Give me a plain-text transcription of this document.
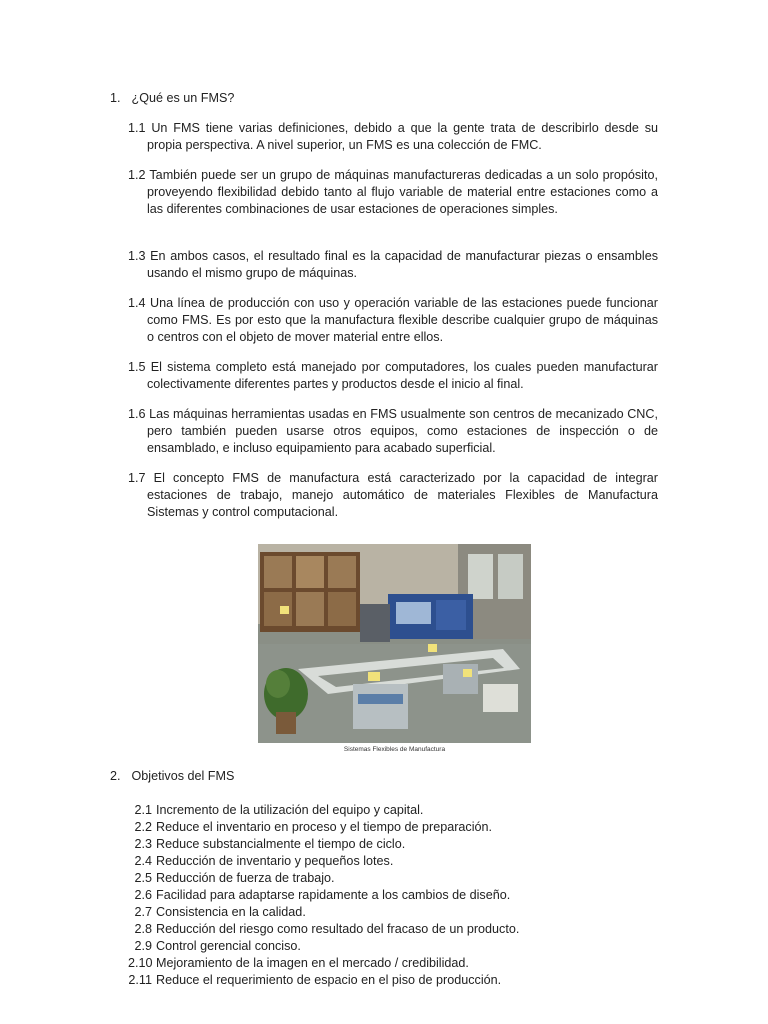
1. ¿Qué es un FMS?

1.1 Un FMS tiene varias definiciones, debido a que la gente trata de describirlo desde su propia perspectiva. A nivel superior, un FMS es una colección de FMC.

1.2 También puede ser un grupo de máquinas manufactureras dedicadas a un solo propósito, proveyendo flexibilidad debido tanto al flujo variable de material entre estaciones como a las diferentes combinaciones de usar estaciones de operaciones simples.

1.3 En ambos casos, el resultado final es la capacidad de manufacturar piezas o ensambles usando el mismo grupo de máquinas.

1.4 Una línea de producción con uso y operación variable de las estaciones puede funcionar como FMS. Es por esto que la manufactura flexible describe cualquier grupo de máquinas o centros con el objeto de mover material entre ellos.

1.5 El sistema completo está manejado por computadores, los cuales pueden manufacturar colectivamente diferentes partes y productos desde el inicio al final.

1.6 Las máquinas herramientas usadas en FMS usualmente son centros de mecanizado CNC, pero también pueden usarse otros equipos, como estaciones de inspección o de ensamblado, e incluso equipamiento para acabado superficial.

1.7 El concepto FMS de manufactura está caracterizado por la capacidad de integrar estaciones de trabajo, manejo automático de materiales Flexibles de Manufactura Sistemas y control computacional.

Sistemas Flexibles de Manufactura
2. Objetivos del FMS
2.1 Incremento de la utilización del equipo y capital.
2.2 Reduce el inventario en proceso y el tiempo de preparación.
2.3 Reduce substancialmente el tiempo de ciclo.
2.4 Reducción de inventario y pequeños lotes.
2.5 Reducción de fuerza de trabajo.
2.6 Facilidad para adaptarse rapidamente a los cambios de diseño.
2.7 Consistencia en la calidad.
2.8 Reducción del riesgo como resultado del fracaso de un producto.
2.9 Control gerencial conciso.
2.10 Mejoramiento de la imagen en el mercado / credibilidad.
2.11 Reduce el requerimiento de espacio en el piso de producción.
